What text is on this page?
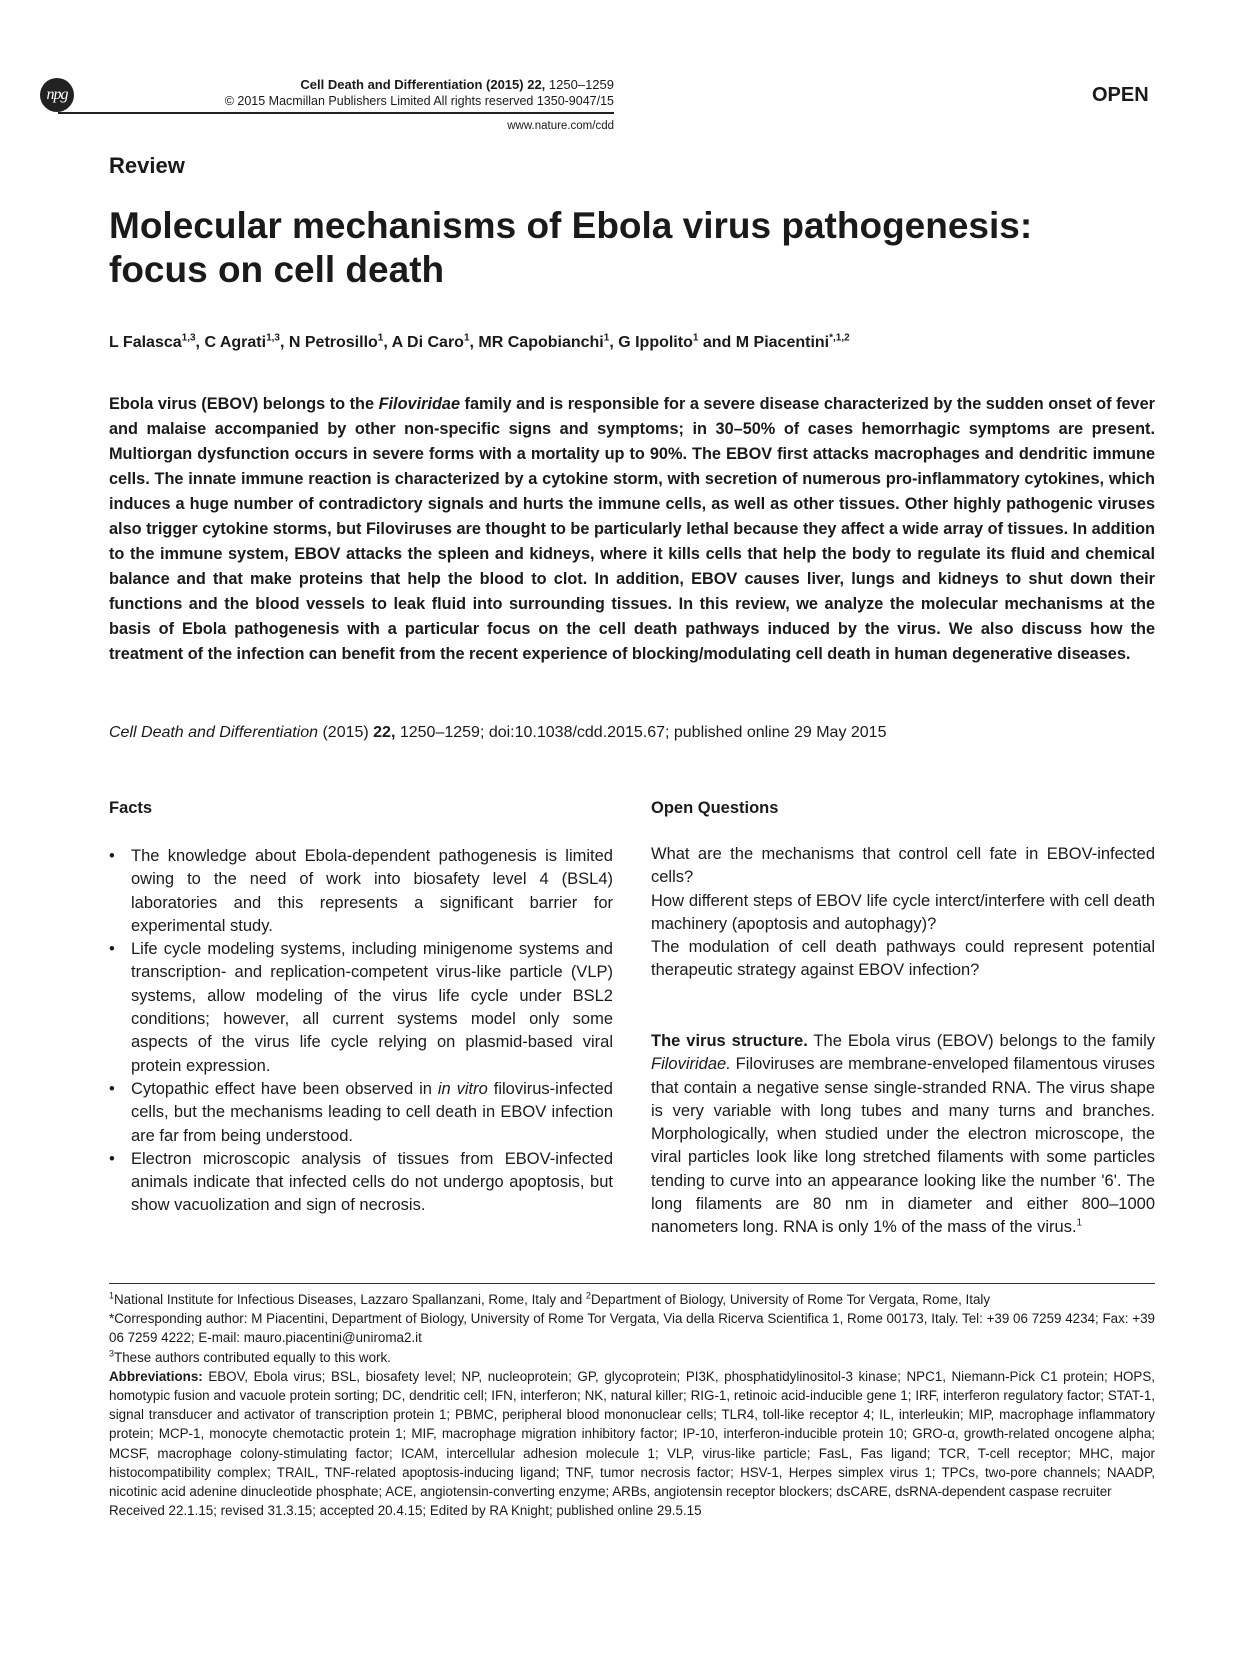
npg
Cell Death and Differentiation (2015) 22, 1250–1259
© 2015 Macmillan Publishers Limited All rights reserved 1350-9047/15
www.nature.com/cdd
OPEN
Review
Molecular mechanisms of Ebola virus pathogenesis:
focus on cell death
L Falasca$^{1,3}$, C Agrati$^{1,3}$, N Petrosillo$^1$, A Di Caro$^1$, MR Capobianchi$^1$, G Ippolito$^1$ and M Piacentini$^{*,1,2}$

Ebola virus (EBOV) belongs to the Filoviridae family and is responsible for a severe disease characterized by the sudden onset of fever and malaise accompanied by other non-specific signs and symptoms; in 30–50% of cases hemorrhagic symptoms are present. Multiorgan dysfunction occurs in severe forms with a mortality up to 90%. The EBOV first attacks macrophages and dendritic immune cells. The innate immune reaction is characterized by a cytokine storm, with secretion of numerous pro-inflammatory cytokines, which induces a huge number of contradictory signals and hurts the immune cells, as well as other tissues. Other highly pathogenic viruses also trigger cytokine storms, but Filoviruses are thought to be particularly lethal because they affect a wide array of tissues. In addition to the immune system, EBOV attacks the spleen and kidneys, where it kills cells that help the body to regulate its fluid and chemical balance and that make proteins that help the blood to clot. In addition, EBOV causes liver, lungs and kidneys to shut down their functions and the blood vessels to leak fluid into surrounding tissues. In this review, we analyze the molecular mechanisms at the basis of Ebola pathogenesis with a particular focus on the cell death pathways induced by the virus. We also discuss how the treatment of the infection can benefit from the recent experience of blocking/modulating cell death in human degenerative diseases.

Cell Death and Differentiation (2015) 22, 1250–1259; doi:10.1038/cdd.2015.67; published online 29 May 2015
Facts
• The knowledge about Ebola-dependent pathogenesis is limited owing to the need of work into biosafety level 4 (BSL4) laboratories and this represents a significant barrier for experimental study.
• Life cycle modeling systems, including minigenome systems and transcription- and replication-competent virus-like particle (VLP) systems, allow modeling of the virus life cycle under BSL2 conditions; however, all current systems model only some aspects of the virus life cycle relying on plasmid-based viral protein expression.
• Cytopathic effect have been observed in in vitro filovirus-infected cells, but the mechanisms leading to cell death in EBOV infection are far from being understood.
• Electron microscopic analysis of tissues from EBOV-infected animals indicate that infected cells do not undergo apoptosis, but show vacuolization and sign of necrosis.
Open Questions

What are the mechanisms that control cell fate in EBOV-infected cells?

How different steps of EBOV life cycle interct/interfere with cell death machinery (apoptosis and autophagy)?

The modulation of cell death pathways could represent potential therapeutic strategy against EBOV infection?

The virus structure. The Ebola virus (EBOV) belongs to the family Filoviridae. Filoviruses are membrane-enveloped filamentous viruses that contain a negative sense single-stranded RNA. The virus shape is very variable with long tubes and many turns and branches. Morphologically, when studied under the electron microscope, the viral particles look like long stretched filaments with some particles tending to curve into an appearance looking like the number '6'. The long filaments are 80 nm in diameter and either 800–1000 nanometers long. RNA is only 1% of the mass of the virus.$^1$

$^1$National Institute for Infectious Diseases, Lazzaro Spallanzani, Rome, Italy and $^2$Department of Biology, University of Rome Tor Vergata, Rome, Italy

*Corresponding author: M Piacentini, Department of Biology, University of Rome Tor Vergata, Via della Ricerva Scientifica 1, Rome 00173, Italy. Tel: +39 06 7259 4234; Fax: +39 06 7259 4222; E-mail: mauro.piacentini@uniroma2.it

$^3$These authors contributed equally to this work.

Abbreviations: EBOV, Ebola virus; BSL, biosafety level; NP, nucleoprotein; GP, glycoprotein; PI3K, phosphatidylinositol-3 kinase; NPC1, Niemann-Pick C1 protein; HOPS, homotypic fusion and vacuole protein sorting; DC, dendritic cell; IFN, interferon; NK, natural killer; RIG-1, retinoic acid-inducible gene 1; IRF, interferon regulatory factor; STAT-1, signal transducer and activator of transcription protein 1; PBMC, peripheral blood mononuclear cells; TLR4, toll-like receptor 4; IL, interleukin; MIP, macrophage inflammatory protein; MCP-1, monocyte chemotactic protein 1; MIF, macrophage migration inhibitory factor; IP-10, interferon-inducible protein 10; GRO-α, growth-related oncogene alpha; MCSF, macrophage colony-stimulating factor; ICAM, intercellular adhesion molecule 1; VLP, virus-like particle; FasL, Fas ligand; TCR, T-cell receptor; MHC, major histocompatibility complex; TRAIL, TNF-related apoptosis-inducing ligand; TNF, tumor necrosis factor; HSV-1, Herpes simplex virus 1; TPCs, two-pore channels; NAADP, nicotinic acid adenine dinucleotide phosphate; ACE, angiotensin-converting enzyme; ARBs, angiotensin receptor blockers; dsCARE, dsRNA-dependent caspase recruiter

Received 22.1.15; revised 31.3.15; accepted 20.4.15; Edited by RA Knight; published online 29.5.15
